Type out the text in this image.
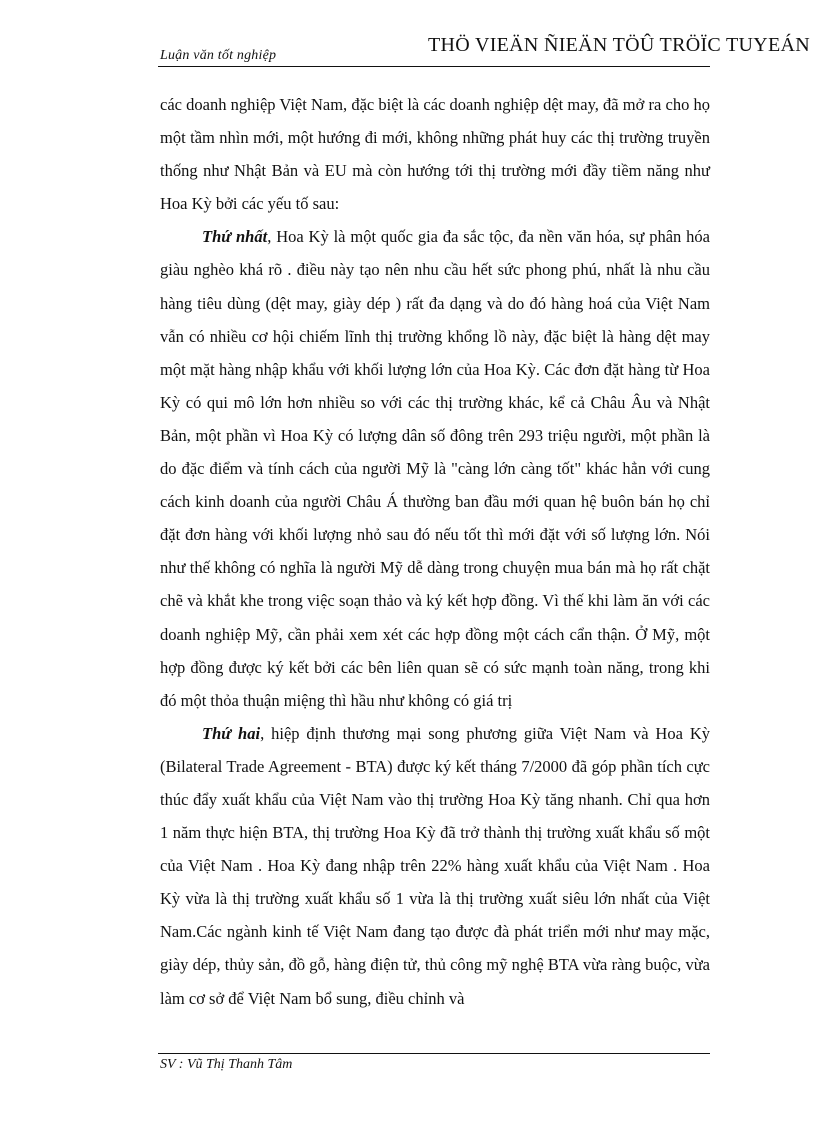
Luận văn tốt nghiệp	THÖ VIEÄN ÑIEÄN TÖÛ TRÖÏC TUYEÁN

các doanh nghiệp Việt Nam, đặc biệt là các doanh nghiệp dệt may, đã mở ra cho họ một tầm nhìn mới, một hướng đi mới, không những phát huy các thị trường truyền thống như Nhật Bản và EU mà còn hướng tới thị trường mới đầy tiềm năng như Hoa Kỳ bởi các yếu tố sau:

Thứ nhất, Hoa Kỳ là một quốc gia đa sắc tộc, đa nền văn hóa, sự phân hóa giàu nghèo khá rõ . điều này tạo nên nhu cầu hết sức phong phú, nhất là nhu cầu hàng tiêu dùng (dệt may, giày dép ) rất đa dạng và do đó hàng hoá của Việt Nam vẫn có nhiều cơ hội chiếm lĩnh thị trường khổng lồ này, đặc biệt là hàng dệt may một mặt hàng nhập khẩu với khối lượng lớn của Hoa Kỳ. Các đơn đặt hàng từ Hoa Kỳ có qui mô lớn hơn nhiều so với các thị trường khác, kể cả Châu Âu và Nhật Bản, một phần vì Hoa Kỳ có lượng dân số đông trên 293 triệu người, một phần là do đặc điểm và tính cách của người Mỹ là "càng lớn càng tốt" khác hẳn với cung cách kinh doanh của người Châu Á thường ban đầu mới quan hệ buôn bán họ chỉ đặt đơn hàng với khối lượng nhỏ sau đó nếu tốt thì mới đặt với số lượng lớn. Nói như thế không có nghĩa là người Mỹ dễ dàng trong chuyện mua bán mà họ rất chặt chẽ và khắt khe trong việc soạn thảo và ký kết hợp đồng. Vì thế khi làm ăn với các doanh nghiệp Mỹ, cần phải xem xét các hợp đồng một cách cẩn thận. Ở Mỹ, một hợp đồng được ký kết bởi các bên liên quan sẽ có sức mạnh toàn năng, trong khi đó một thỏa thuận miệng thì hầu như không có giá trị

Thứ hai, hiệp định thương mại song phương giữa Việt Nam và Hoa Kỳ (Bilateral Trade Agreement - BTA) được ký kết tháng 7/2000 đã góp phần tích cực thúc đẩy xuất khẩu của Việt Nam vào thị trường Hoa Kỳ tăng nhanh. Chỉ qua hơn 1 năm thực hiện BTA, thị trường Hoa Kỳ đã trở thành thị trường xuất khẩu số một của Việt Nam . Hoa Kỳ đang nhập trên 22% hàng xuất khẩu của Việt Nam . Hoa Kỳ vừa là thị trường xuất khẩu số 1 vừa là thị trường xuất siêu lớn nhất của Việt Nam.Các ngành kinh tế Việt Nam đang tạo được đà phát triển mới như may mặc, giày dép, thủy sản, đồ gỗ, hàng điện tử, thủ công mỹ nghệ BTA vừa ràng buộc, vừa làm cơ sở để Việt Nam bổ sung, điều chỉnh và

SV : Vũ Thị Thanh Tâm
